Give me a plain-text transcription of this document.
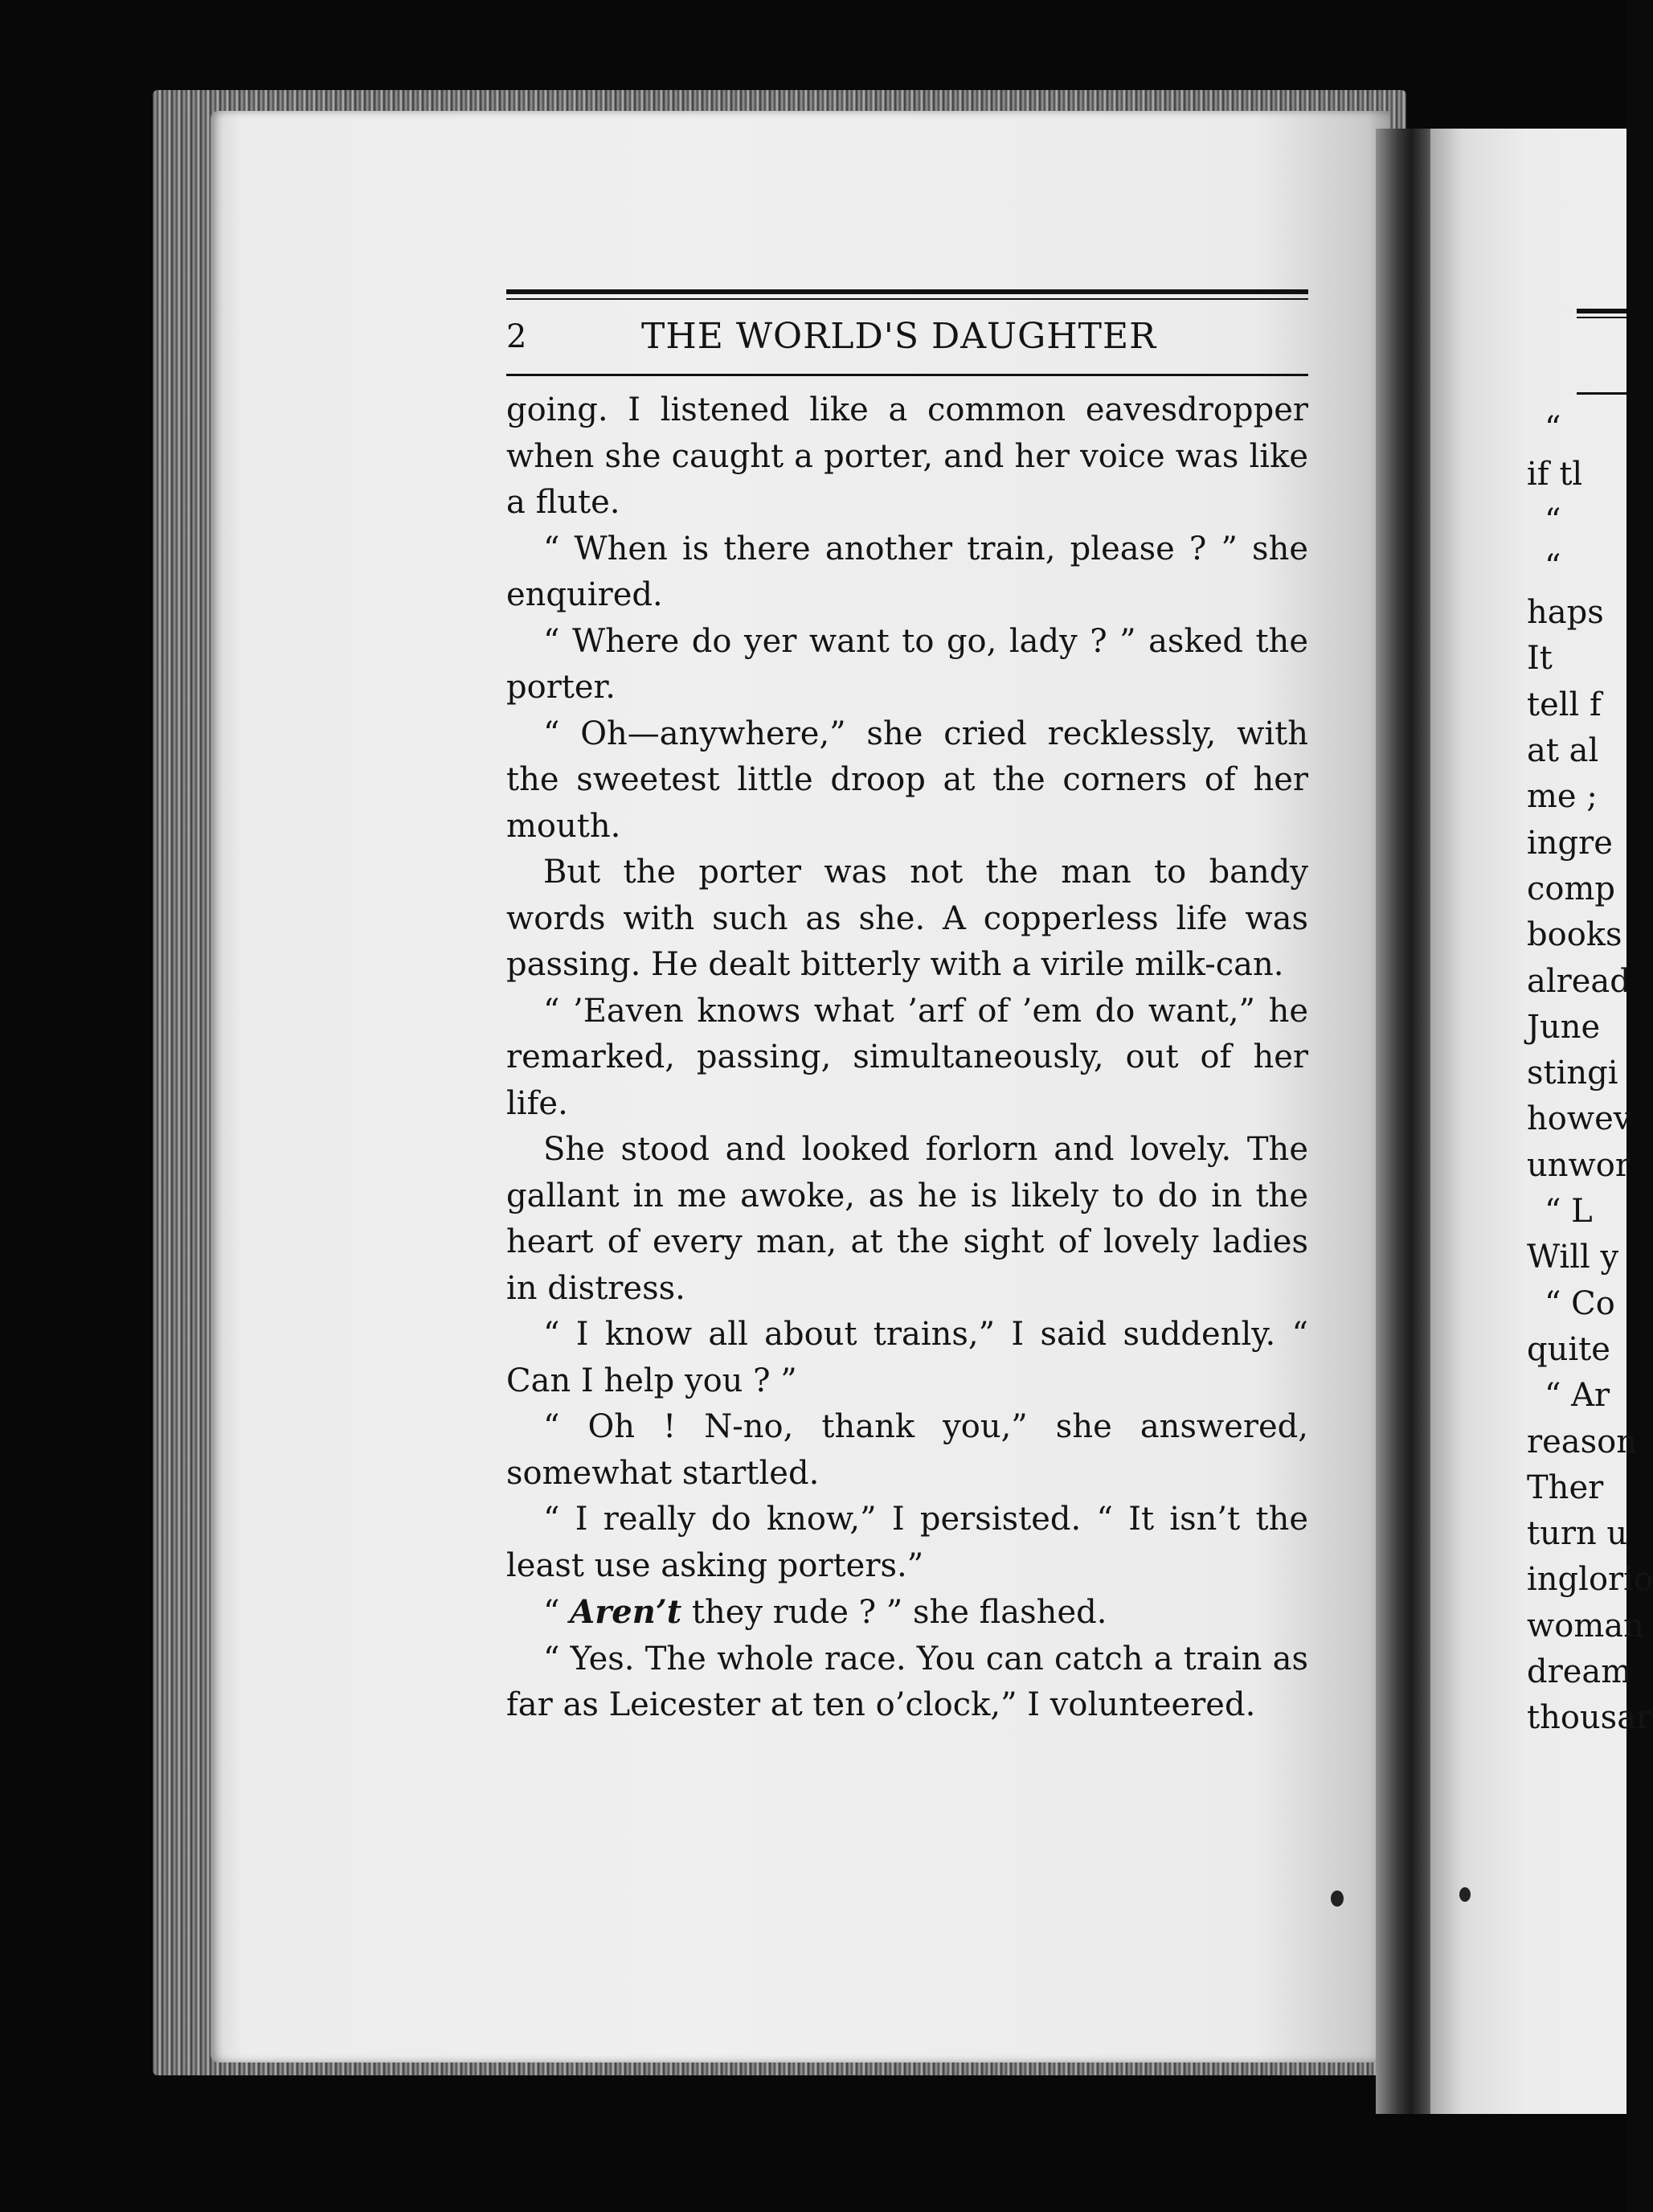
2	THE WORLD'S DAUGHTER

going. I listened like a common eavesdropper when she caught a porter, and her voice was like a flute.

“ When is there another train, please ? ” she enquired.

“ Where do yer want to go, lady ? ” asked the porter.

“ Oh—anywhere,” she cried recklessly, with the sweetest little droop at the corners of her mouth.

But the porter was not the man to bandy words with such as she. A copperless life was passing. He dealt bitterly with a virile milk-can.

“ ’Eaven knows what ’arf of ’em do want,” he remarked, passing, simultaneously, out of her life.

She stood and looked forlorn and lovely. The gallant in me awoke, as he is likely to do in the heart of every man, at the sight of lovely ladies in distress.

“ I know all about trains,” I said suddenly. “ Can I help you ? ”

“ Oh ! N-no, thank you,” she answered, somewhat startled.

“ I really do know,” I persisted. “ It isn’t the least use asking porters.”

“ Aren’t they rude ? ” she flashed.

“ Yes. The whole race. You can catch a train as far as Leicester at ten o’clock,” I volunteered.

“
if tl
“
“
haps
It
tell f
at al
me ;
ingre
comp
books
alread
June
stingi
howev
unwor
“ L
Will y
“ Co
quite
“ Ar
reason
Ther
turn u
inglorio
woman
dream
thousar
